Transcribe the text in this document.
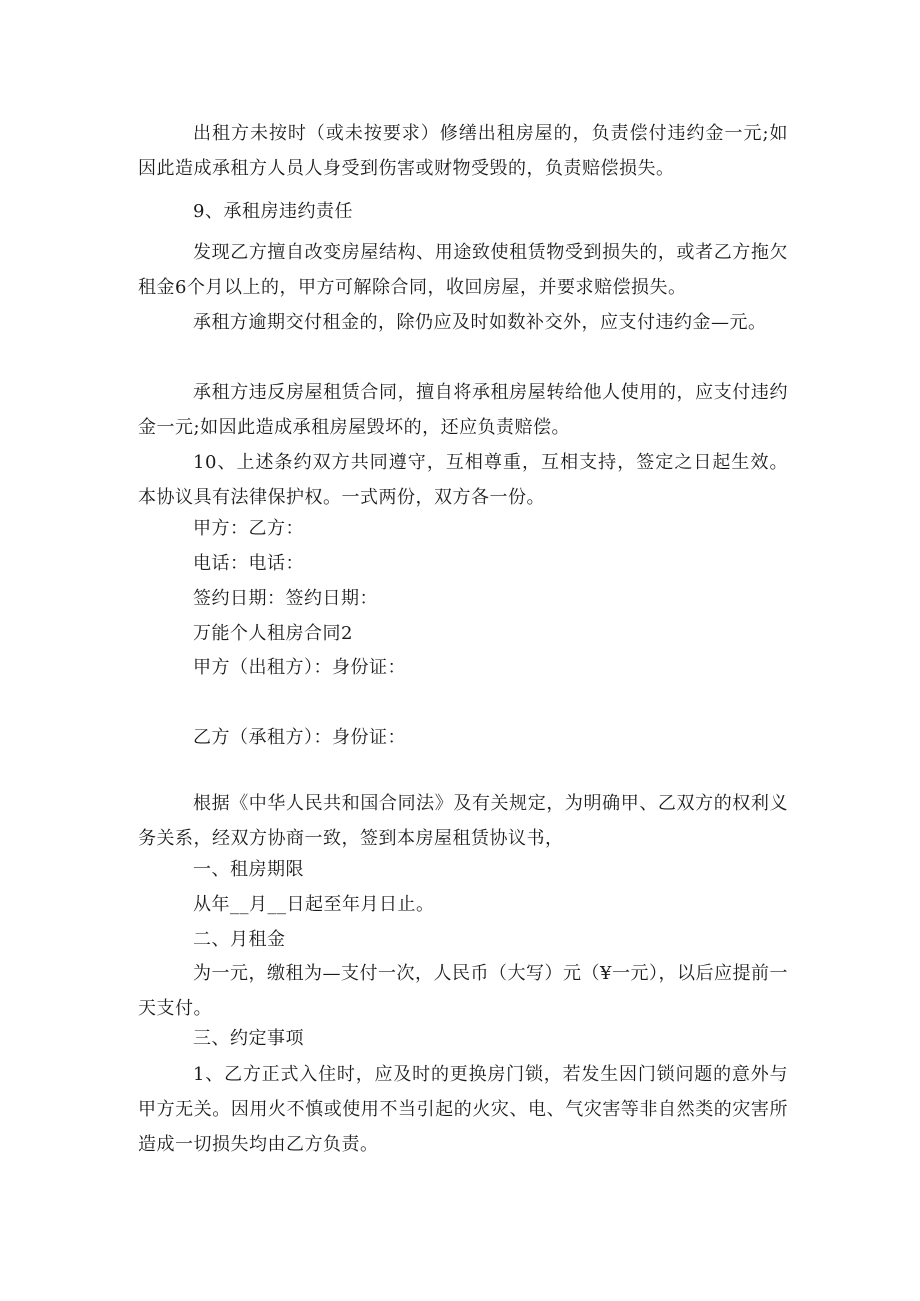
出租方未按时（或未按要求）修缮出租房屋的，负责偿付违约金一元;如因此造成承租方人员人身受到伤害或财物受毁的，负责赔偿损失。

9、承租房违约责任

发现乙方擅自改变房屋结构、用途致使租赁物受到损失的，或者乙方拖欠租金6个月以上的，甲方可解除合同，收回房屋，并要求赔偿损失。

承租方逾期交付租金的，除仍应及时如数补交外，应支付违约金—元。

承租方违反房屋租赁合同，擅自将承租房屋转给他人使用的，应支付违约金一元;如因此造成承租房屋毁坏的，还应负责赔偿。

10、上述条约双方共同遵守，互相尊重，互相支持，签定之日起生效。本协议具有法律保护权。一式两份，双方各一份。

甲方：乙方：
电话：电话：
签约日期：签约日期：
万能个人租房合同2
甲方（出租方）：身份证：
乙方（承租方）：身份证：

根据《中华人民共和国合同法》及有关规定，为明确甲、乙双方的权利义务关系，经双方协商一致，签到本房屋租赁协议书，

一、租房期限
从年__月__日起至年月日止。
二、月租金

为一元，缴租为—支付一次，人民币（大写）元（¥一元），以后应提前一天支付。

三、约定事项

1、乙方正式入住时，应及时的更换房门锁，若发生因门锁问题的意外与甲方无关。因用火不慎或使用不当引起的火灾、电、气灾害等非自然类的灾害所造成一切损失均由乙方负责。
